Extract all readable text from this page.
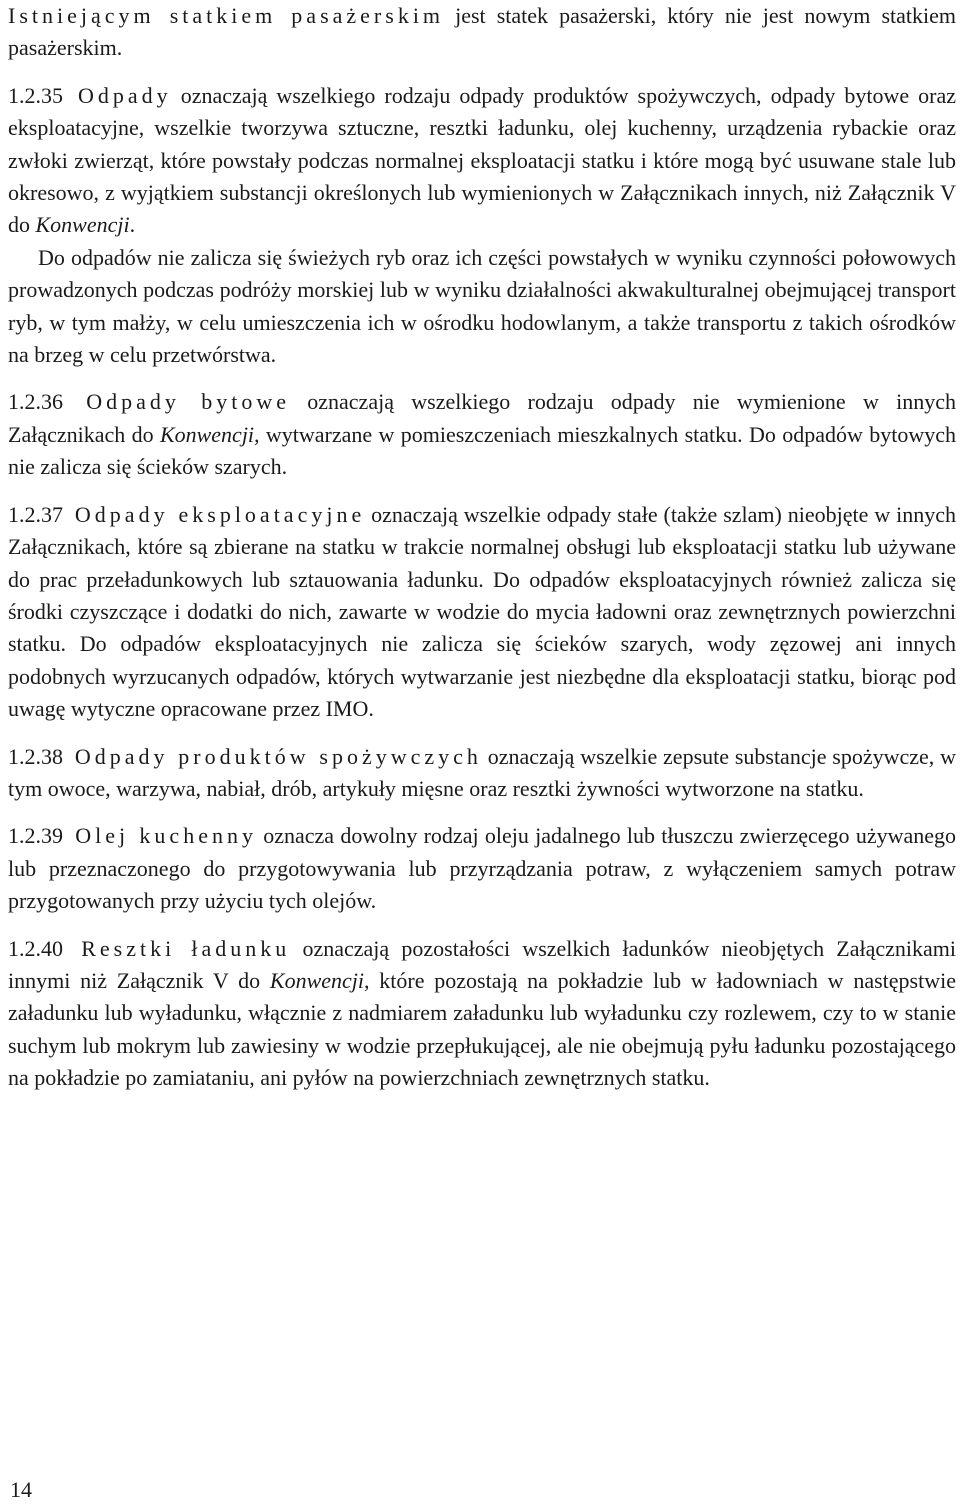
Istniejącym statkiem pasażerskim jest statek pasażerski, który nie jest nowym statkiem pasażerskim.

1.2.35 Odpady oznaczają wszelkiego rodzaju odpady produktów spożywczych, odpady bytowe oraz eksploatacyjne, wszelkie tworzywa sztuczne, resztki ładunku, olej kuchenny, urządzenia rybackie oraz zwłoki zwierząt, które powstały podczas normalnej eksploatacji statku i które mogą być usuwane stale lub okresowo, z wyjątkiem substancji określonych lub wymienionych w Załącznikach innych, niż Załącznik V do Konwencji.

Do odpadów nie zalicza się świeżych ryb oraz ich części powstałych w wyniku czynności połowowych prowadzonych podczas podróży morskiej lub w wyniku działalności akwakulturalnej obejmującej transport ryb, w tym małży, w celu umieszczenia ich w ośrodku hodowlanym, a także transportu z takich ośrodków na brzeg w celu przetwórstwa.

1.2.36 Odpady bytowe oznaczają wszelkiego rodzaju odpady nie wymienione w innych Załącznikach do Konwencji, wytwarzane w pomieszczeniach mieszkalnych statku. Do odpadów bytowych nie zalicza się ścieków szarych.

1.2.37 Odpady eksploatacyjne oznaczają wszelkie odpady stałe (także szlam) nieobjęte w innych Załącznikach, które są zbierane na statku w trakcie normalnej obsługi lub eksploatacji statku lub używane do prac przeładunkowych lub sztauowania ładunku. Do odpadów eksploatacyjnych również zalicza się środki czyszczące i dodatki do nich, zawarte w wodzie do mycia ładowni oraz zewnętrznych powierzchni statku. Do odpadów eksploatacyjnych nie zalicza się ścieków szarych, wody zęzowej ani innych podobnych wyrzucanych odpadów, których wytwarzanie jest niezbędne dla eksploatacji statku, biorąc pod uwagę wytyczne opracowane przez IMO.

1.2.38 Odpady produktów spożywczych oznaczają wszelkie zepsute substancje spożywcze, w tym owoce, warzywa, nabiał, drób, artykuły mięsne oraz resztki żywności wytworzone na statku.

1.2.39 Olej kuchenny oznacza dowolny rodzaj oleju jadalnego lub tłuszczu zwierzęcego używanego lub przeznaczonego do przygotowywania lub przyrządzania potraw, z wyłączeniem samych potraw przygotowanych przy użyciu tych olejów.

1.2.40 Resztki ładunku oznaczają pozostałości wszelkich ładunków nieobjętych Załącznikami innymi niż Załącznik V do Konwencji, które pozostają na pokładzie lub w ładowniach w następstwie załadunku lub wyładunku, włącznie z nadmiarem załadunku lub wyładunku czy rozlewem, czy to w stanie suchym lub mokrym lub zawiesiny w wodzie przepłukującej, ale nie obejmują pyłu ładunku pozostającego na pokładzie po zamiataniu, ani pyłów na powierzchniach zewnętrznych statku.

14
